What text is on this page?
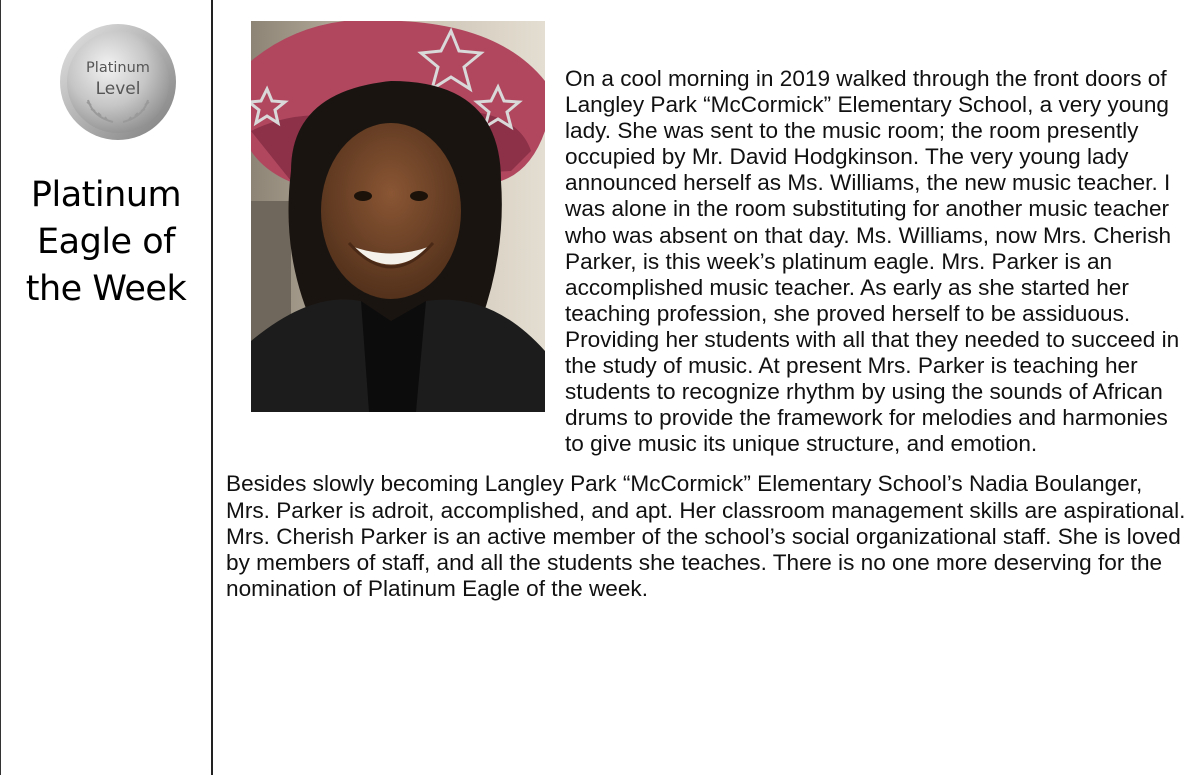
Platinum
Level
Platinum
Eagle of
the Week

On a cool morning in 2019 walked through the front doors of Langley Park “McCormick” Elementary School, a very young lady. She was sent to the music room; the room presently occupied by Mr. David Hodgkinson. The very young lady announced herself as Ms. Williams, the new music teacher. I was alone in the room substituting for another music teacher who was absent on that day. Ms. Williams, now Mrs. Cherish Parker, is this week’s platinum eagle. Mrs. Parker is an accomplished music teacher. As early as she started her teaching profession, she proved herself to be assiduous. Providing her students with all that they needed to succeed in the study of music. At present Mrs. Parker is teaching her students to recognize rhythm by using the sounds of African drums to provide the framework for melodies and harmonies to give music its unique structure, and emotion.

Besides slowly becoming Langley Park “McCormick” Elementary School’s Nadia Boulanger, Mrs. Parker is adroit, accomplished, and apt. Her classroom management skills are aspirational. Mrs. Cherish Parker is an active member of the school’s social organizational staff. She is loved by members of staff, and all the students she teaches. There is no one more deserving for the nomination of Platinum Eagle of the week.
